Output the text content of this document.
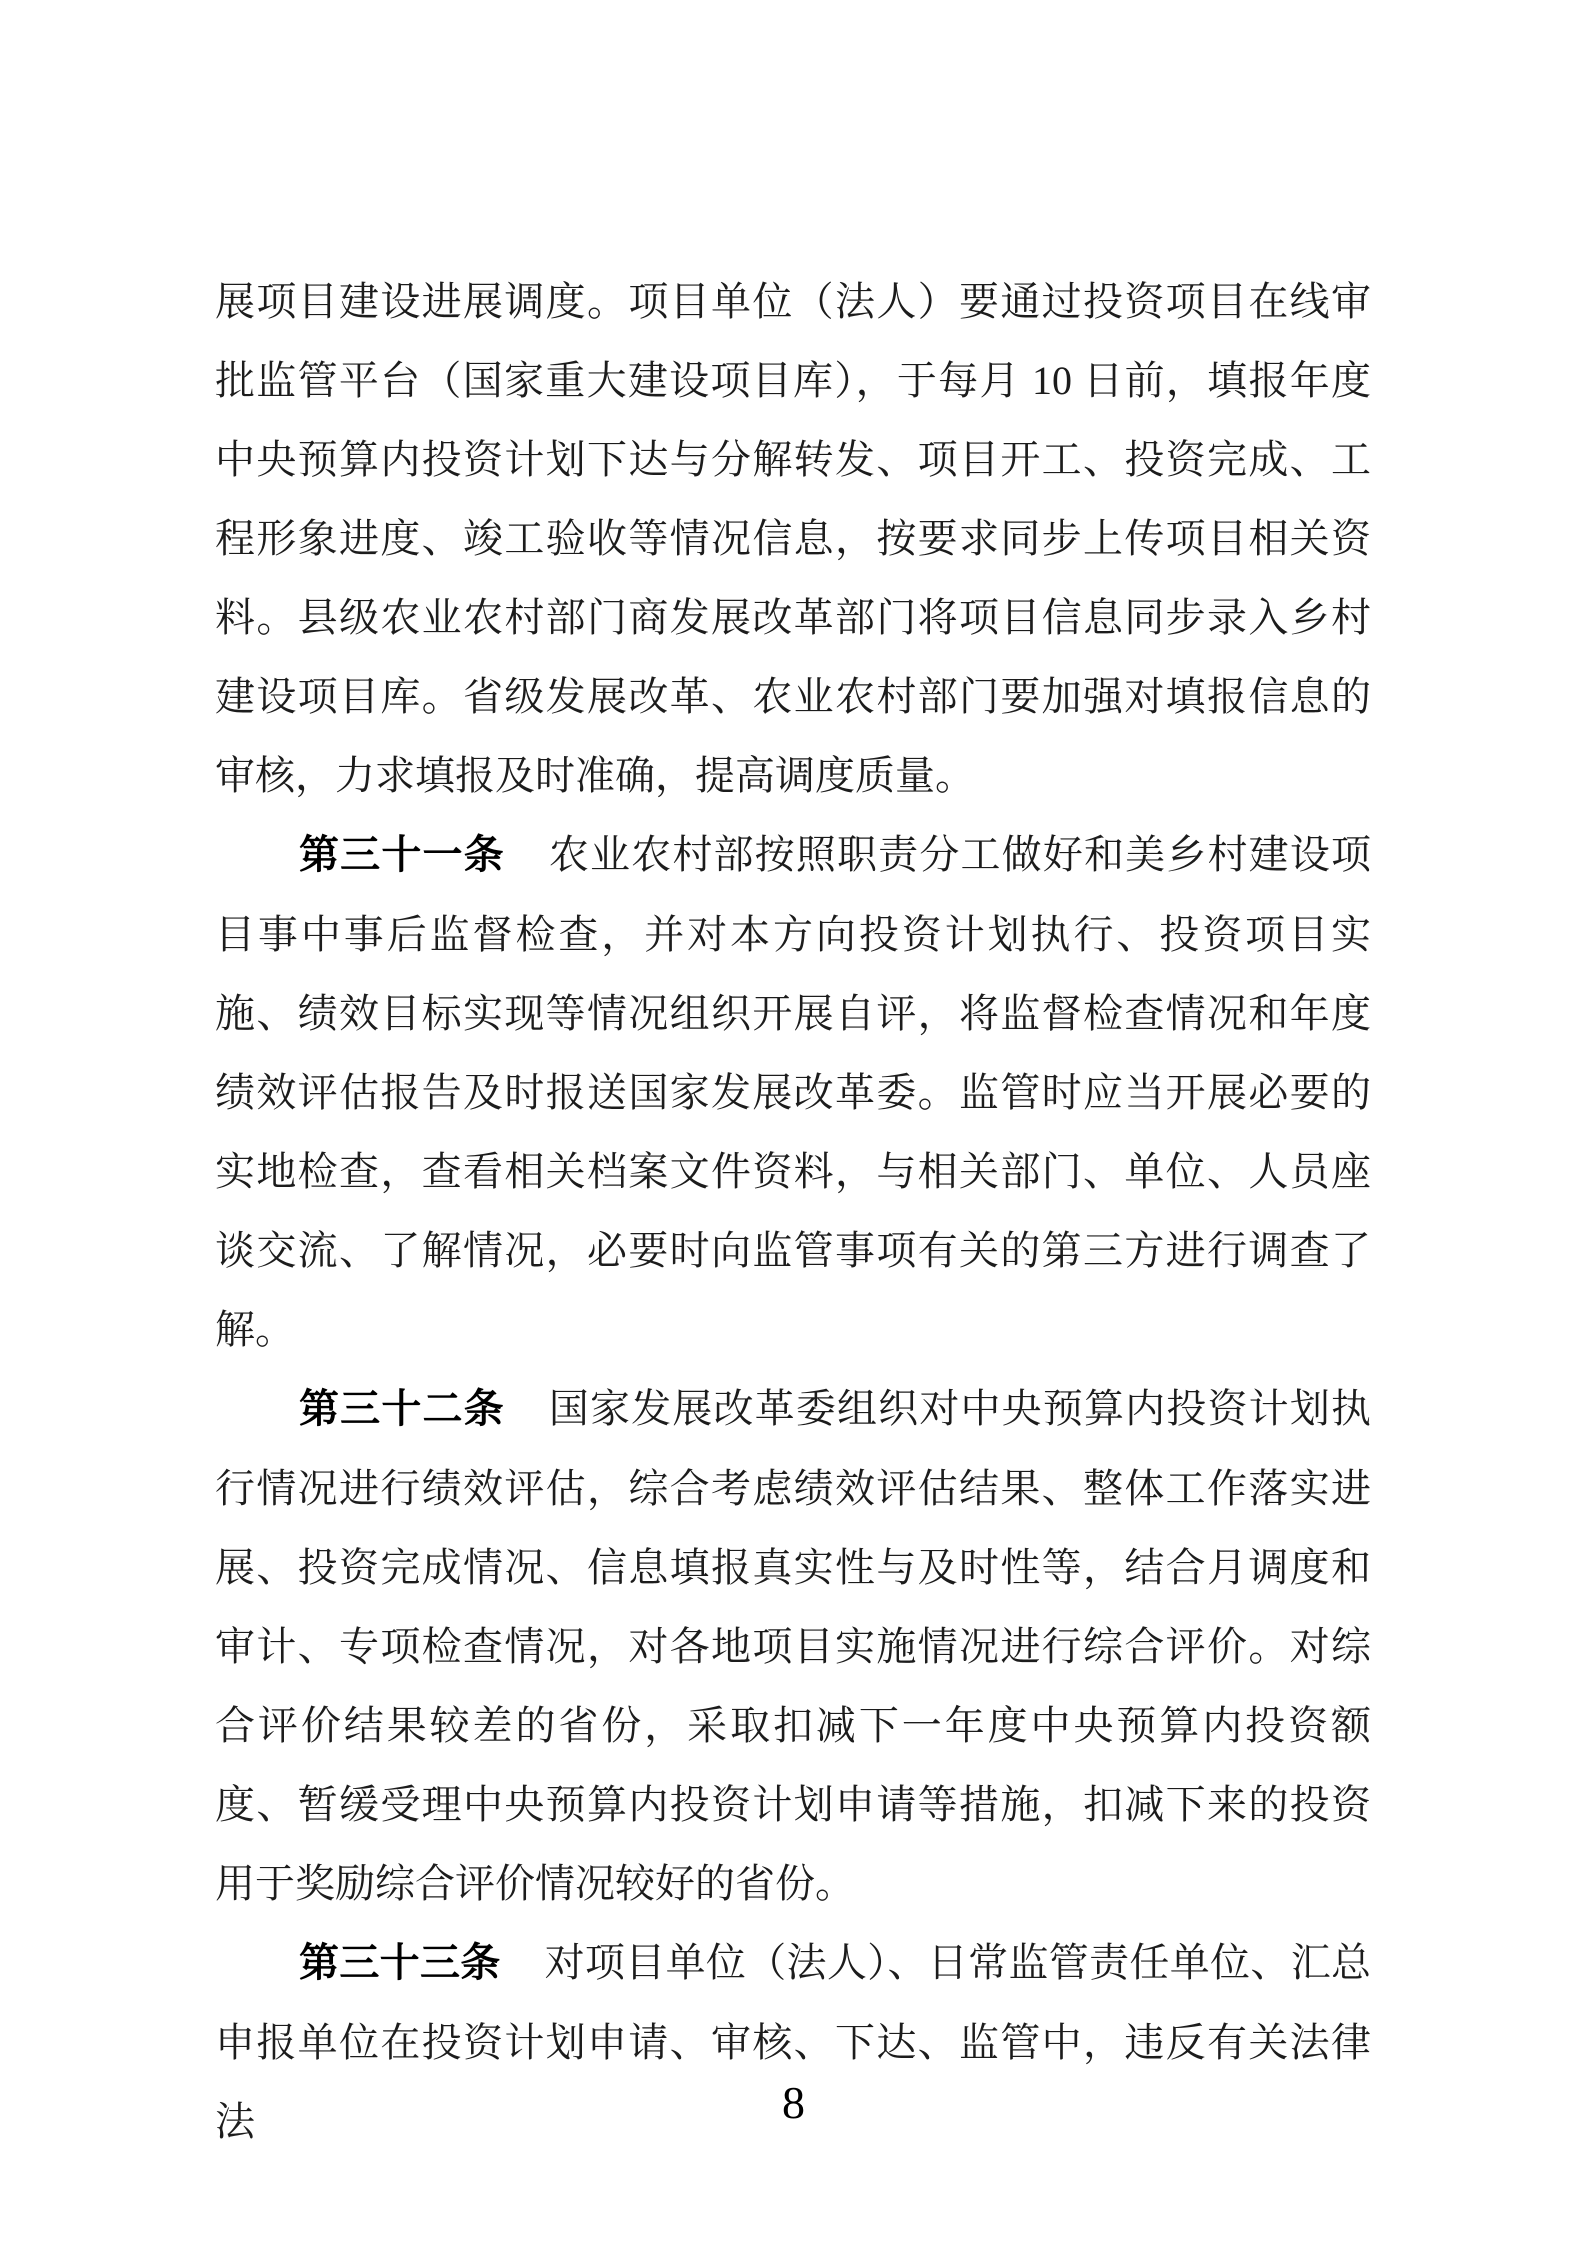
展项目建设进展调度。项目单位（法人）要通过投资项目在线审批监管平台（国家重大建设项目库），于每月 10 日前，填报年度中央预算内投资计划下达与分解转发、项目开工、投资完成、工程形象进度、竣工验收等情况信息，按要求同步上传项目相关资料。县级农业农村部门商发展改革部门将项目信息同步录入乡村建设项目库。省级发展改革、农业农村部门要加强对填报信息的审核，力求填报及时准确，提高调度质量。

第三十一条 农业农村部按照职责分工做好和美乡村建设项目事中事后监督检查，并对本方向投资计划执行、投资项目实施、绩效目标实现等情况组织开展自评，将监督检查情况和年度绩效评估报告及时报送国家发展改革委。监管时应当开展必要的实地检查，查看相关档案文件资料，与相关部门、单位、人员座谈交流、了解情况，必要时向监管事项有关的第三方进行调查了解。

第三十二条 国家发展改革委组织对中央预算内投资计划执行情况进行绩效评估，综合考虑绩效评估结果、整体工作落实进展、投资完成情况、信息填报真实性与及时性等，结合月调度和审计、专项检查情况，对各地项目实施情况进行综合评价。对综合评价结果较差的省份，采取扣减下一年度中央预算内投资额度、暂缓受理中央预算内投资计划申请等措施，扣减下来的投资用于奖励综合评价情况较好的省份。

第三十三条 对项目单位（法人）、日常监管责任单位、汇总申报单位在投资计划申请、审核、下达、监管中，违反有关法律法	8
